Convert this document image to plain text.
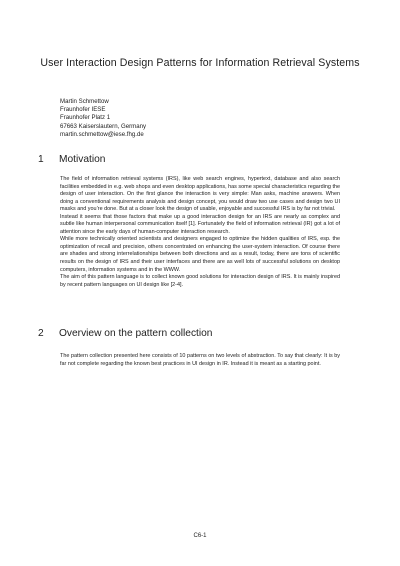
User Interaction Design Patterns for Information Retrieval Systems
Martin Schmettow
Fraunhofer IESE
Fraunhofer Platz 1
67663 Kaiserslautern, Germany
martin.schmettow@iese.fhg.de
1 Motivation

The field of information retrieval systems (IRS), like web search engines, hypertext, database and also search facilities embedded in e.g. web shops and even desktop applications, has some special characteristics regarding the design of user interaction. On the first glance the interaction is very simple: Man asks, machine answers. When doing a conventional requirements analysis and design concept, you would draw two use cases and design two UI masks and you’re done. But at a closer look the design of usable, enjoyable and successful IRS is by far not trivial.

Instead it seems that those factors that make up a good interaction design for an IRS are nearly as complex and subtle like human interpersonal communication itself [1]. Fortunately the field of information retrieval (IR) got a lot of attention since the early days of human-computer interaction research.

While more technically oriented scientists and designers engaged to optimize the hidden qualities of IRS, esp. the optimization of recall and precision, others concentrated on enhancing the user-system interaction. Of course there are shades and strong interrelationships between both directions and as a result, today, there are tons of scientific results on the design of IRS and their user interfaces and there are as well lots of successful solutions on desktop computers, information systems and in the WWW.

The aim of this pattern language is to collect known good solutions for interaction design of IRS. It is mainly inspired by recent pattern languages on UI design like [2-4].

2 Overview on the pattern collection

The pattern collection presented here consists of 10 patterns on two levels of abstraction. To say that clearly: It is by far not complete regarding the known best practices in UI design in IR. Instead it is meant as a starting point.

C6-1
